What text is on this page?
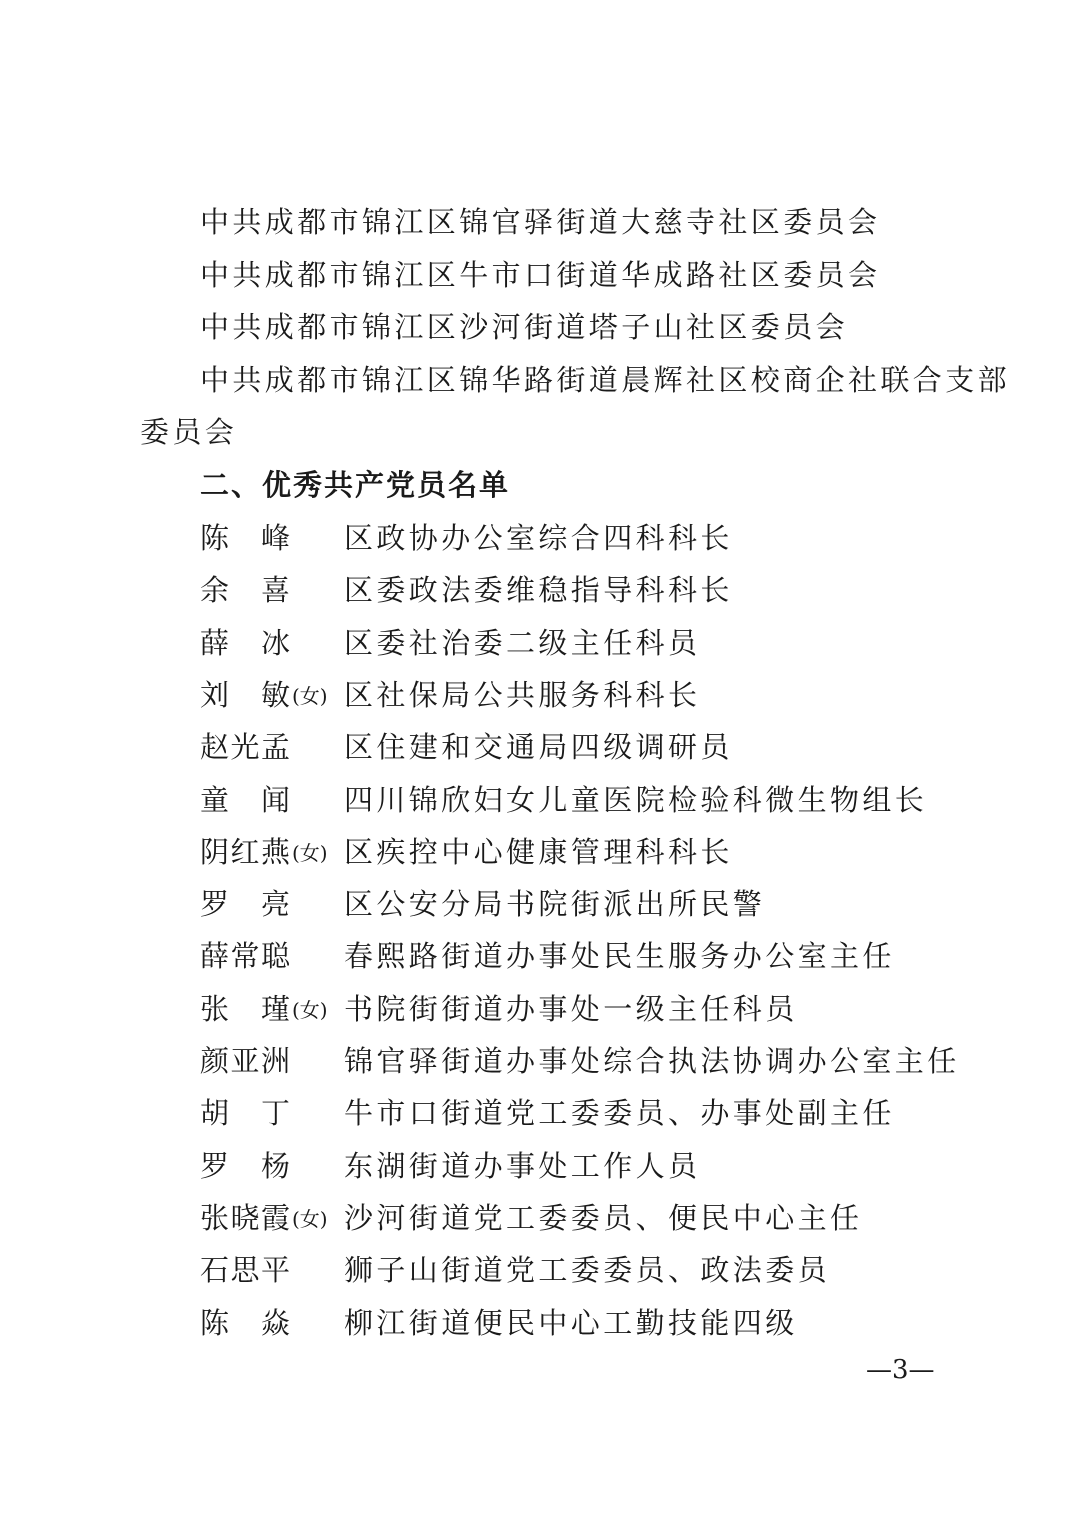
中共成都市锦江区锦官驿街道大慈寺社区委员会
中共成都市锦江区牛市口街道华成路社区委员会
中共成都市锦江区沙河街道塔子山社区委员会
中共成都市锦江区锦华路街道晨辉社区校商企社联合支部
委员会
二、优秀共产党员名单
陈 峰 区政协办公室综合四科科长
余 喜 区委政法委维稳指导科科长
薛 冰 区委社治委二级主任科员
刘 敏 (女) 区社保局公共服务科科长
赵 光 孟 区住建和交通局四级调研员
童 闻 四川锦欣妇女儿童医院检验科微生物组长
阴 红 燕 (女) 区疾控中心健康管理科科长
罗 亮 区公安分局书院街派出所民警
薛 常 聪 春熙路街道办事处民生服务办公室主任
张 瑾 (女) 书院街街道办事处一级主任科员
颜 亚 洲 锦官驿街道办事处综合执法协调办公室主任
胡 丁 牛市口街道党工委委员、办事处副主任
罗 杨 东湖街道办事处工作人员
张 晓 霞 (女) 沙河街道党工委委员、便民中心主任
石 思 平 狮子山街道党工委委员、政法委员
陈 焱 柳江街道便民中心工勤技能四级
—3—
